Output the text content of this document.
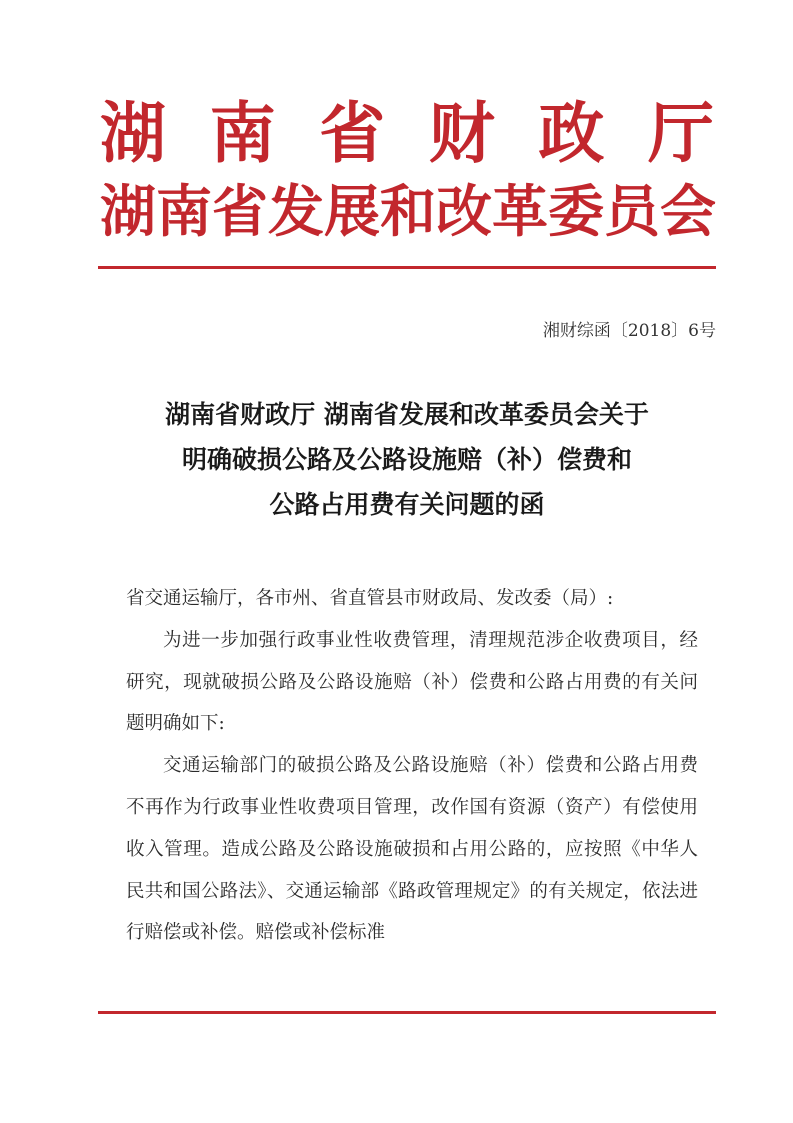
湖南省财政厅
湖南省发展和改革委员会
湘财综函〔2018〕6号
湖南省财政厅 湖南省发展和改革委员会关于
明确破损公路及公路设施赔（补）偿费和
公路占用费有关问题的函

省交通运输厅，各市州、省直管县市财政局、发改委（局）:

为进一步加强行政事业性收费管理，清理规范涉企收费项目，经研究，现就破损公路及公路设施赔（补）偿费和公路占用费的有关问题明确如下:

交通运输部门的破损公路及公路设施赔（补）偿费和公路占用费不再作为行政事业性收费项目管理，改作国有资源（资产）有偿使用收入管理。造成公路及公路设施破损和占用公路的，应按照《中华人民共和国公路法》、交通运输部《路政管理规定》的有关规定，依法进行赔偿或补偿。赔偿或补偿标准
